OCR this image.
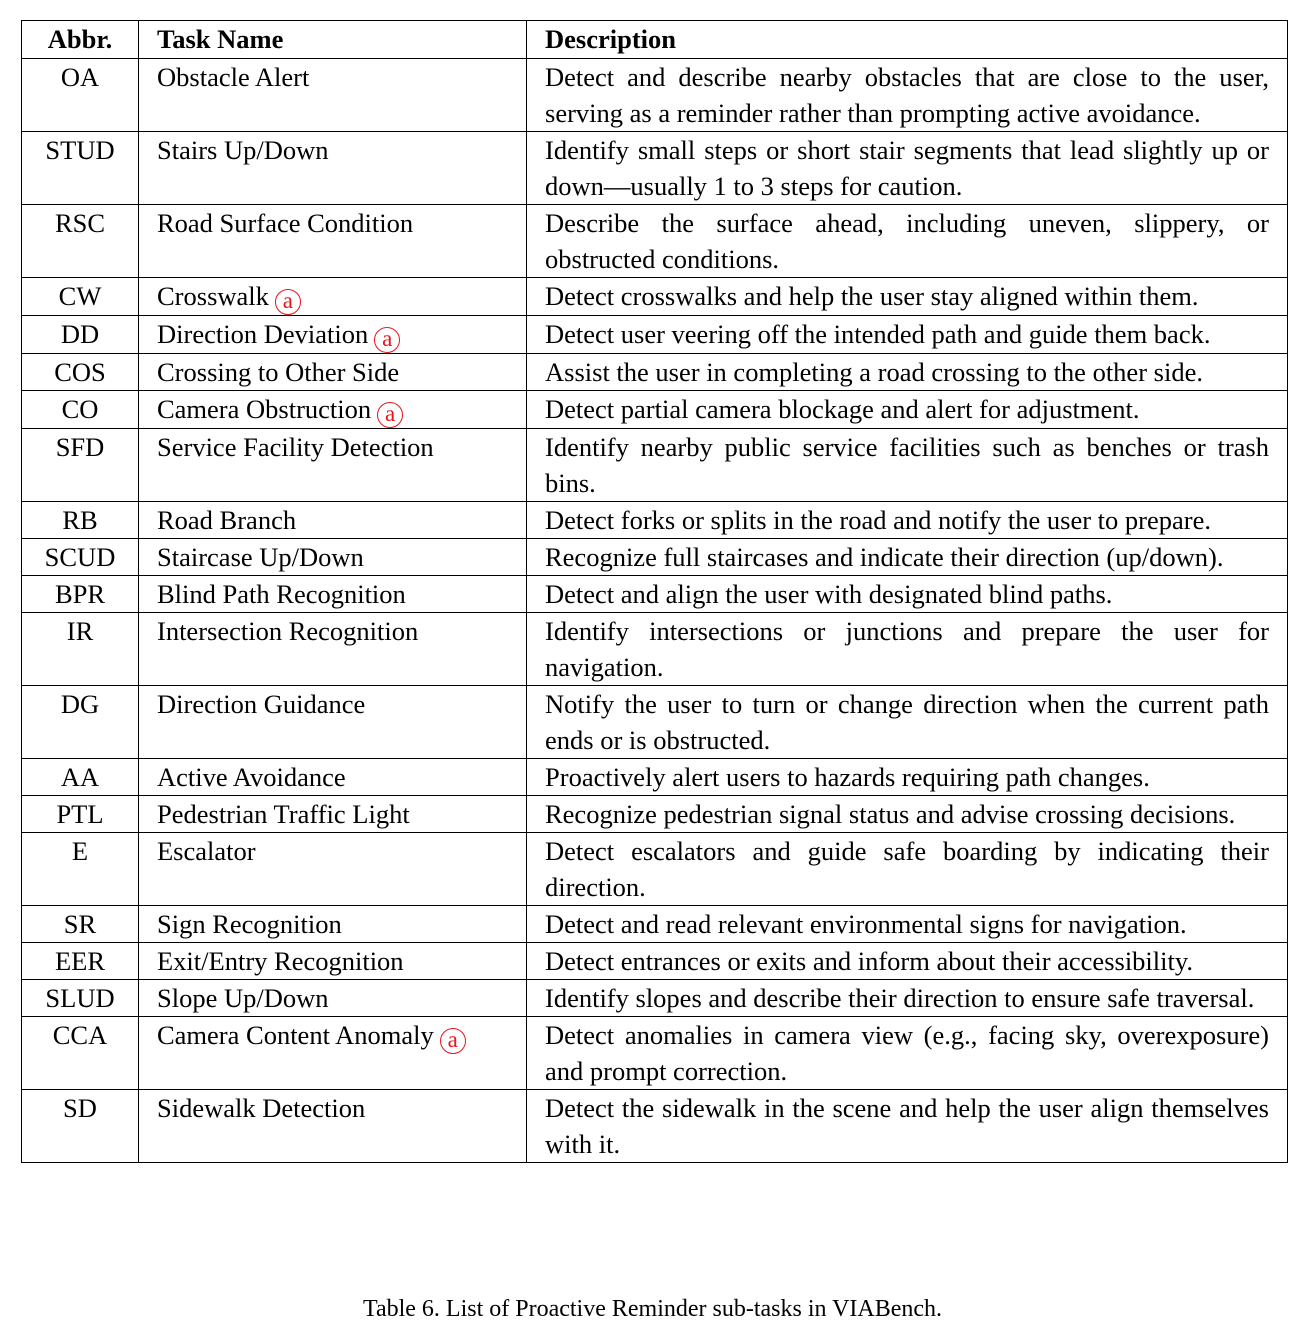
Abbr.	Task Name	Description
OA	Obstacle Alert	Detect and describe nearby obstacles that are close to the user, serving as a reminder rather than prompting active avoidance.
STUD	Stairs Up/Down	Identify small steps or short stair segments that lead slightly up or down—usually 1 to 3 steps for caution.
RSC	Road Surface Condition	Describe the surface ahead, including uneven, slippery, or obstructed conditions.
CW	Crosswalk a	Detect crosswalks and help the user stay aligned within them.
DD	Direction Deviation a	Detect user veering off the intended path and guide them back.
COS	Crossing to Other Side	Assist the user in completing a road crossing to the other side.
CO	Camera Obstruction a	Detect partial camera blockage and alert for adjustment.
SFD	Service Facility Detection	Identify nearby public service facilities such as benches or trash bins.
RB	Road Branch	Detect forks or splits in the road and notify the user to prepare.
SCUD	Staircase Up/Down	Recognize full staircases and indicate their direction (up/down).
BPR	Blind Path Recognition	Detect and align the user with designated blind paths.
IR	Intersection Recognition	Identify intersections or junctions and prepare the user for navigation.
DG	Direction Guidance	Notify the user to turn or change direction when the current path ends or is obstructed.
AA	Active Avoidance	Proactively alert users to hazards requiring path changes.
PTL	Pedestrian Traffic Light	Recognize pedestrian signal status and advise crossing decisions.
E	Escalator	Detect escalators and guide safe boarding by indicating their direction.
SR	Sign Recognition	Detect and read relevant environmental signs for navigation.
EER	Exit/Entry Recognition	Detect entrances or exits and inform about their accessibility.
SLUD	Slope Up/Down	Identify slopes and describe their direction to ensure safe traversal.
CCA	Camera Content Anomaly a	Detect anomalies in camera view (e.g., facing sky, overexposure) and prompt correction.
SD	Sidewalk Detection	Detect the sidewalk in the scene and help the user align themselves with it.
Table 6. List of Proactive Reminder sub-tasks in VIABench.
